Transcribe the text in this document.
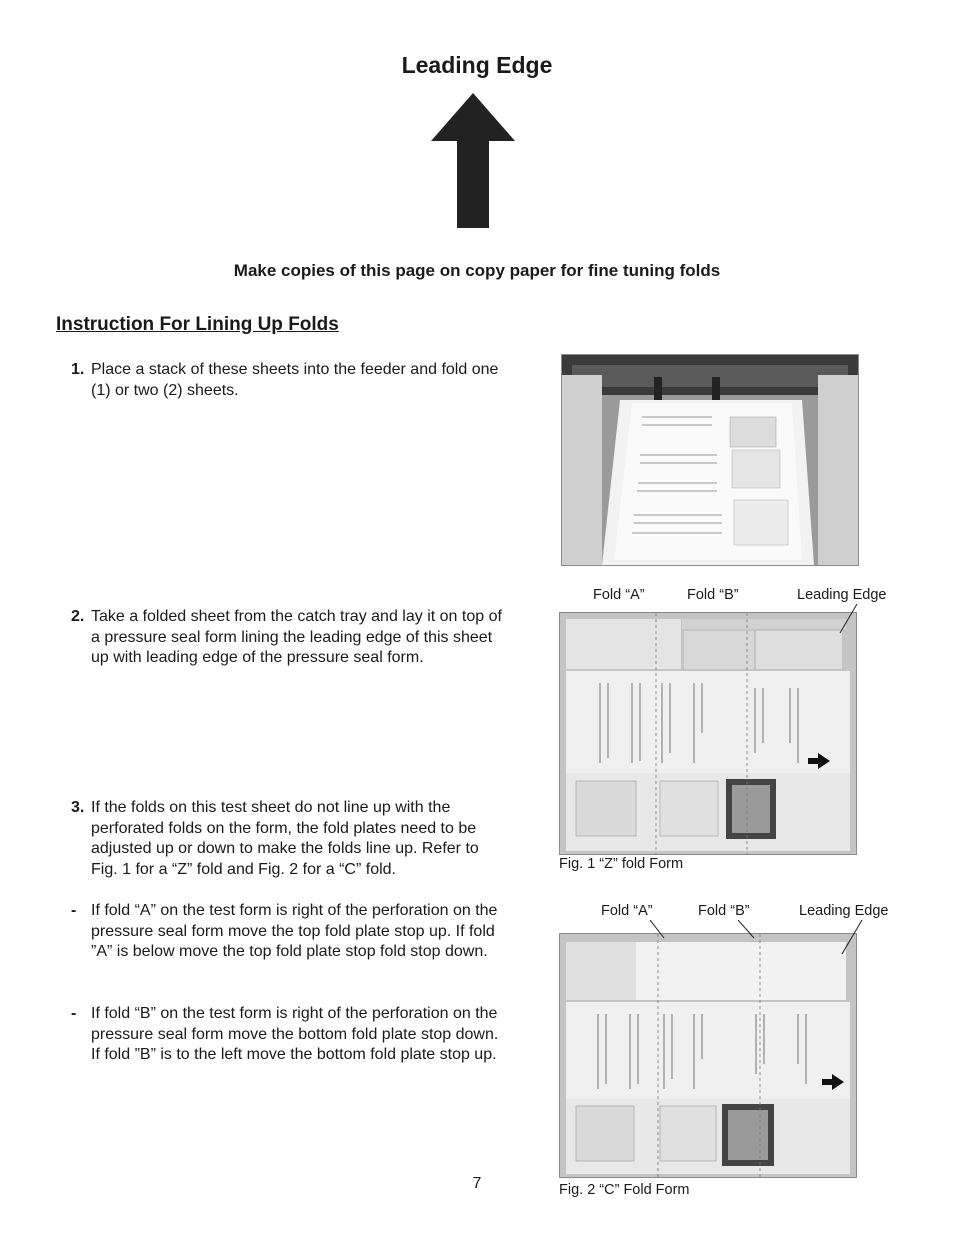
Leading Edge
Make copies of this page on copy paper for fine tuning folds
Instruction For Lining Up Folds
1. Place a stack of these sheets into the feeder and fold one (1) or two (2) sheets.
2. Take a folded sheet from the catch tray and lay it on top of a pressure seal form lining the leading edge of this sheet up with leading edge of the pressure seal form.
3. If the folds on this test sheet do not line up with the perforated folds on the form, the fold plates need to be adjusted up or down to make the folds line up. Refer to Fig. 1 for a “Z” fold and Fig. 2 for a “C” fold.
- If fold “A” on the test form is right of the perforation on the pressure seal form move the top fold plate stop up. If fold ”A” is below move the top fold plate stop fold stop down.
- If fold “B” on the test form is right of the perforation on the pressure seal form move the bottom fold plate stop down. If fold ”B” is to the left move the bottom fold plate stop up.
Fold “A”	Fold “B”	Leading Edge
Fig. 1 “Z” fold Form
Fold “A”	Fold “B”	Leading Edge
Fig. 2 “C” Fold Form
7
